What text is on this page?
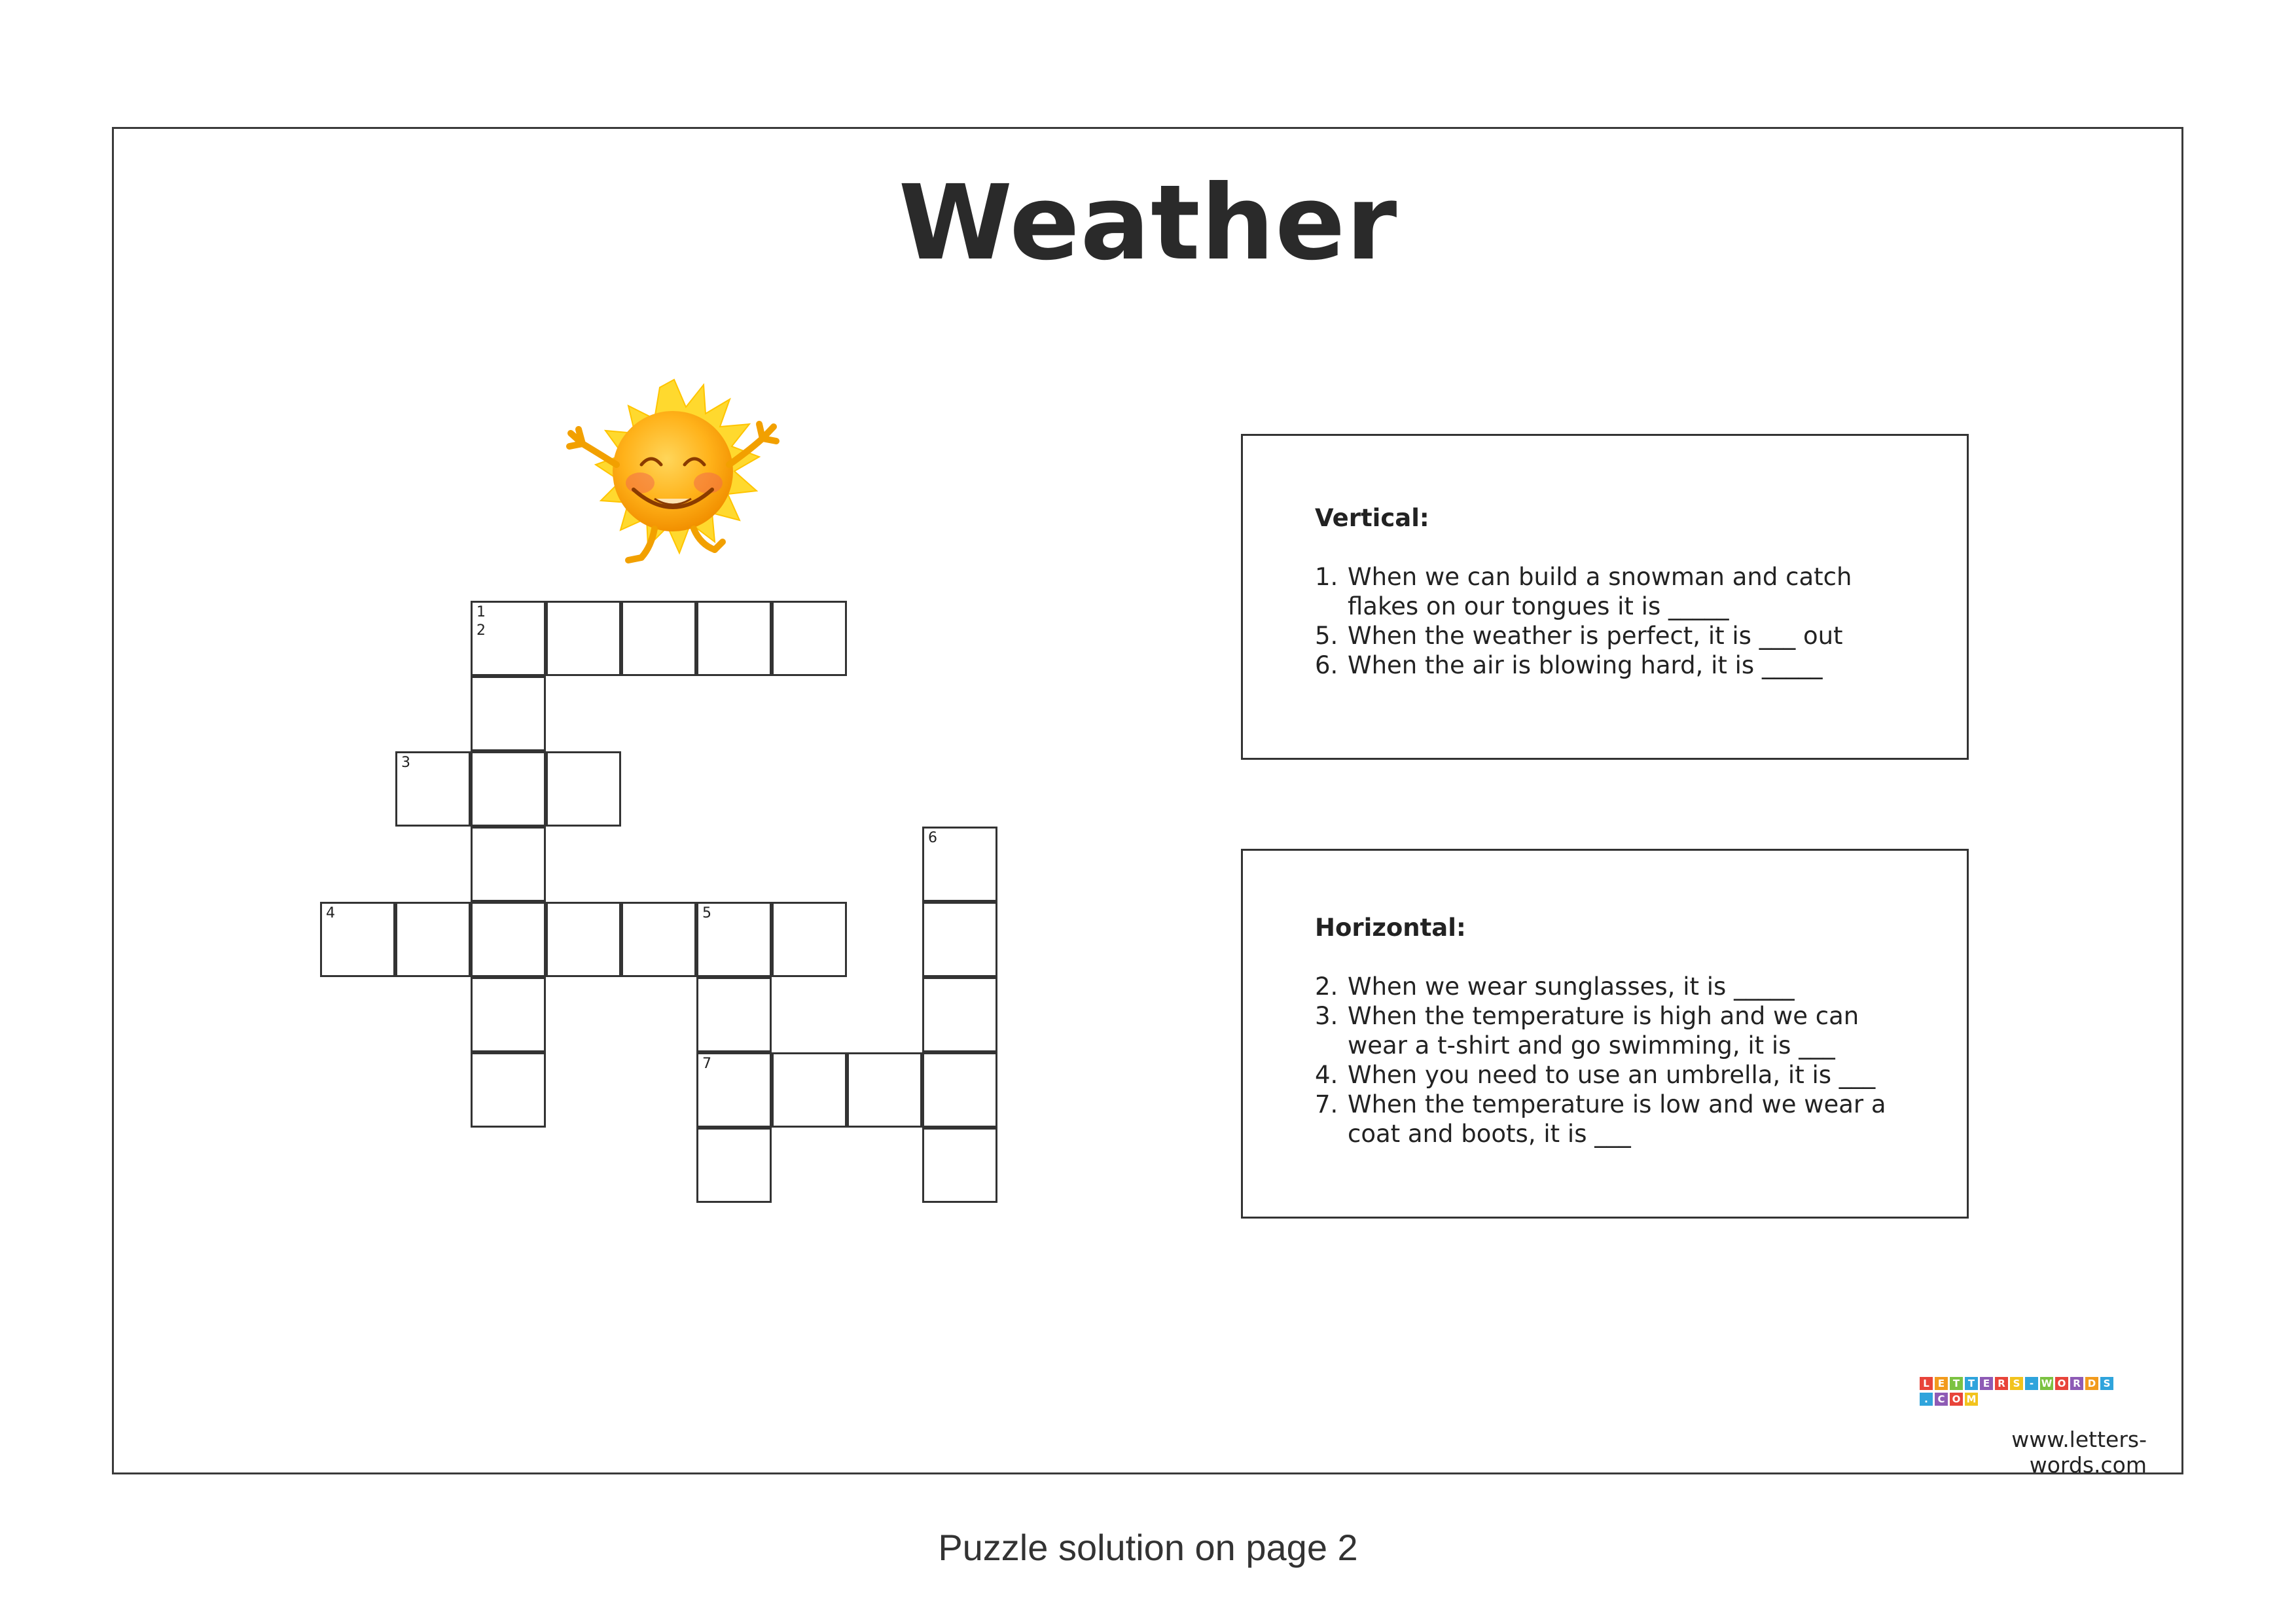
Weather
1
2
3
6
4	5
7
Vertical:
1. When we can build a snowman and catch flakes on our tongues it is _____
5. When the weather is perfect, it is ___ out
6. When the air is blowing hard, it is _____
Horizontal:
2. When we wear sunglasses, it is _____
3. When the temperature is high and we can wear a t-shirt and go swimming, it is ___
4. When you need to use an umbrella, it is ___
7. When the temperature is low and we wear a coat and boots, it is ___
L E T T E R S - W O R D S
. C O M
www.letters-words.com
Puzzle solution on page 2
